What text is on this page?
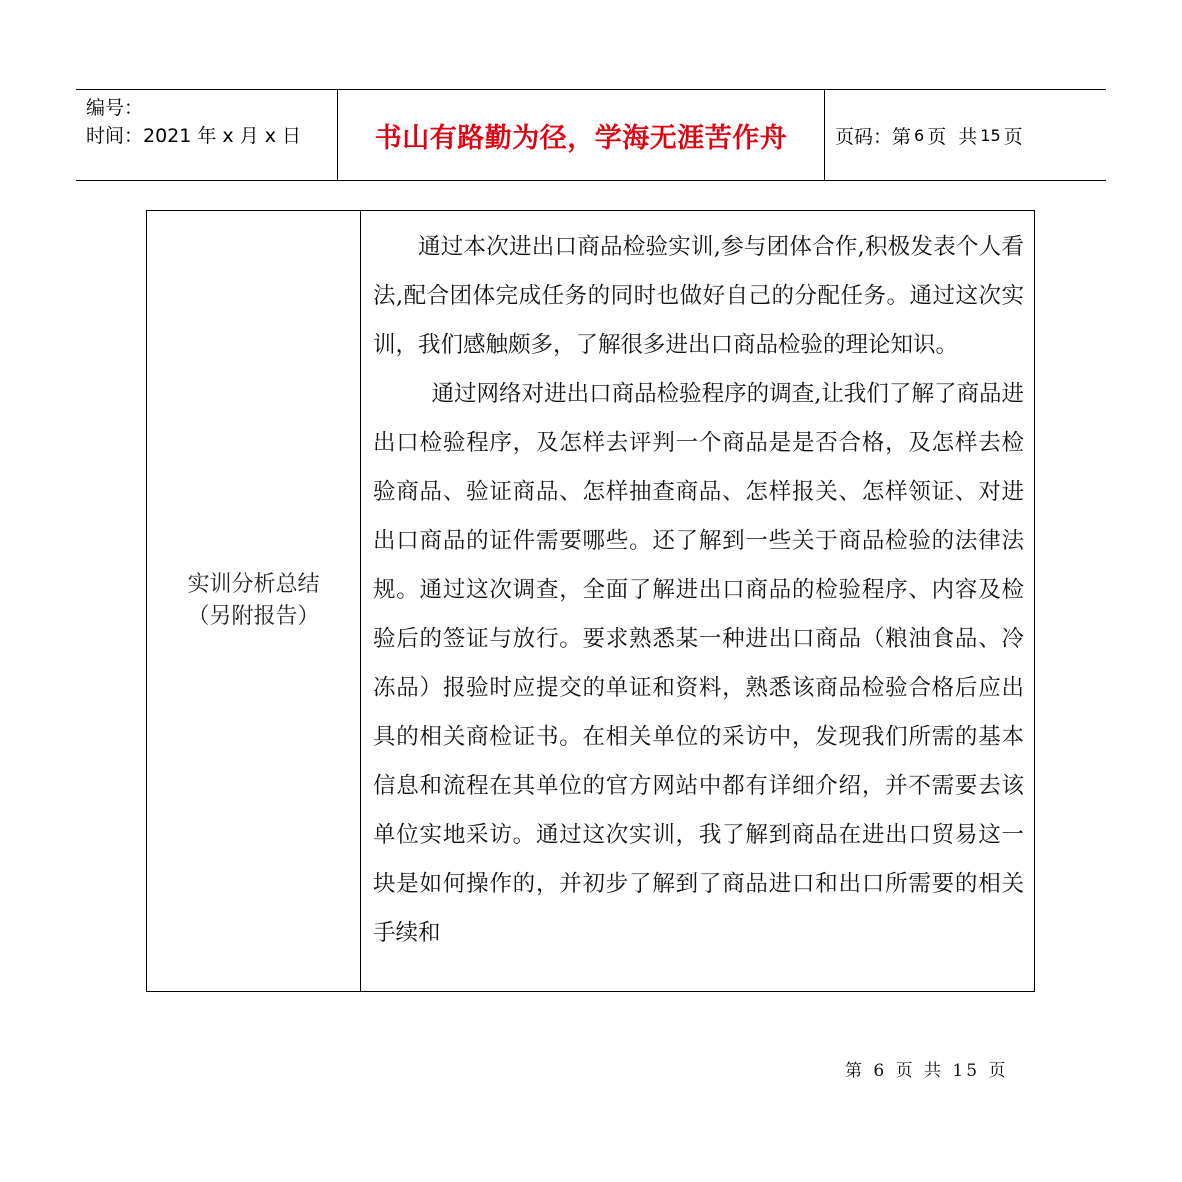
编号：
时间：2021 年 x 月 x 日	书山有路勤为径，学海无涯苦作舟	页码：第 6 页  共 15 页
实训分析总结
（另附报告）

通过本次进出口商品检验实训,参与团体合作,积极发表个人看法,配合团体完成任务的同时也做好自己的分配任务。通过这次实训，我们感触颇多，了解很多进出口商品检验的理论知识。

通过网络对进出口商品检验程序的调查,让我们了解了商品进出口检验程序，及怎样去评判一个商品是是否合格，及怎样去检验商品、验证商品、怎样抽查商品、怎样报关、怎样领证、对进出口商品的证件需要哪些。还了解到一些关于商品检验的法律法规。通过这次调查，全面了解进出口商品的检验程序、内容及检验后的签证与放行。要求熟悉某一种进出口商品（粮油食品、冷冻品）报验时应提交的单证和资料，熟悉该商品检验合格后应出具的相关商检证书。在相关单位的采访中，发现我们所需的基本信息和流程在其单位的官方网站中都有详细介绍，并不需要去该单位实地采访。通过这次实训，我了解到商品在进出口贸易这一块是如何操作的，并初步了解到了商品进口和出口所需要的相关手续和

第 6 页 共 15 页
